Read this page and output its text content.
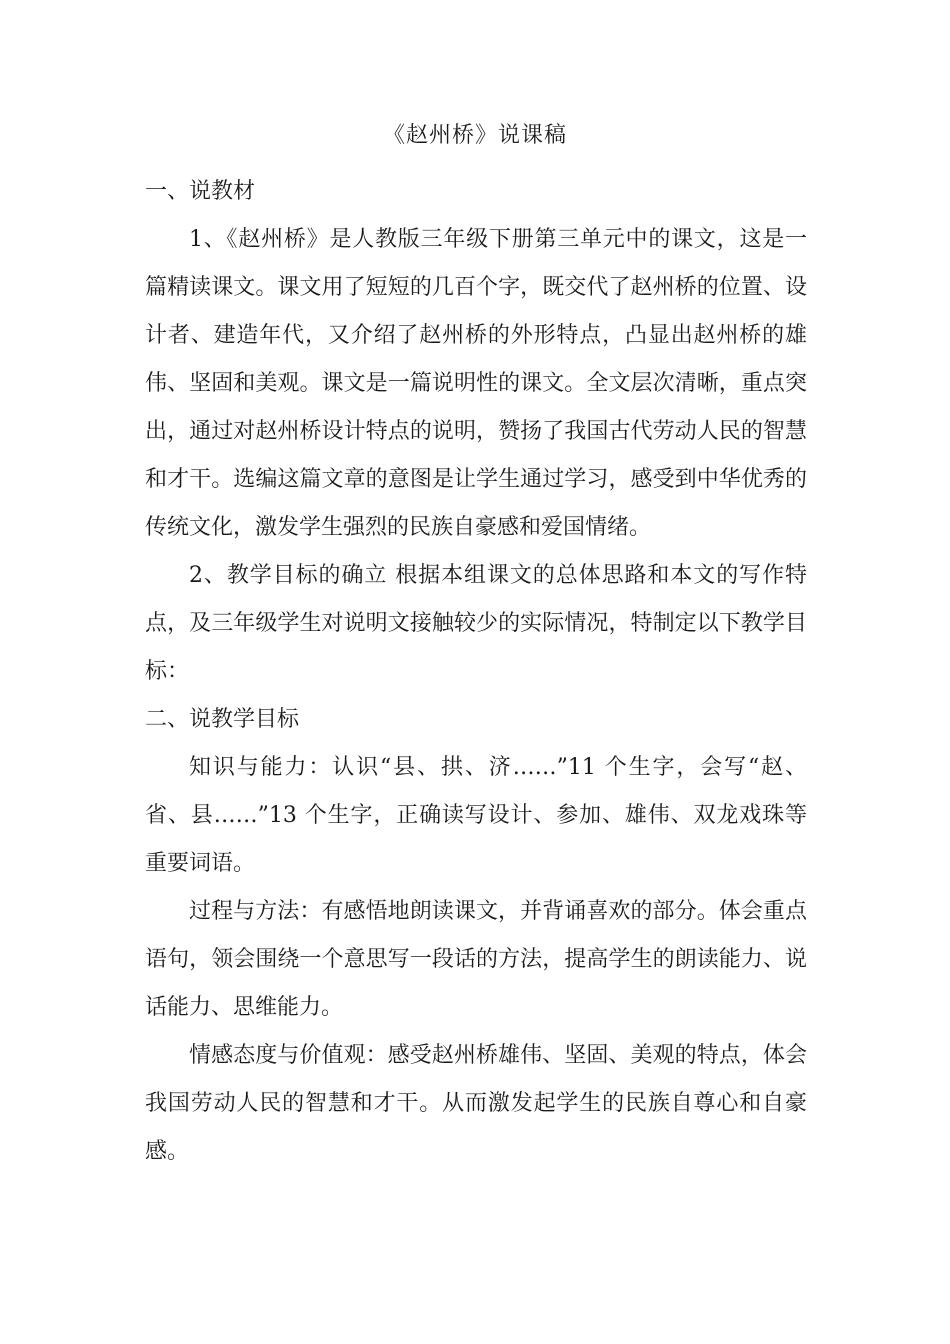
《赵州桥》说课稿

一、说教材

1、《赵州桥》是人教版三年级下册第三单元中的课文，这是一篇精读课文。课文用了短短的几百个字，既交代了赵州桥的位置、设计者、建造年代，又介绍了赵州桥的外形特点，凸显出赵州桥的雄伟、坚固和美观。课文是一篇说明性的课文。全文层次清晰，重点突出，通过对赵州桥设计特点的说明，赞扬了我国古代劳动人民的智慧和才干。选编这篇文章的意图是让学生通过学习，感受到中华优秀的传统文化，激发学生强烈的民族自豪感和爱国情绪。

2、教学目标的确立 根据本组课文的总体思路和本文的写作特点，及三年级学生对说明文接触较少的实际情况，特制定以下教学目标：

二、说教学目标

知识与能力：认识“县、拱、济……”11 个生字，会写“赵、省、县……”13 个生字，正确读写设计、参加、雄伟、双龙戏珠等重要词语。

过程与方法：有感悟地朗读课文，并背诵喜欢的部分。体会重点语句，领会围绕一个意思写一段话的方法，提高学生的朗读能力、说话能力、思维能力。

情感态度与价值观：感受赵州桥雄伟、坚固、美观的特点，体会我国劳动人民的智慧和才干。从而激发起学生的民族自尊心和自豪感。
